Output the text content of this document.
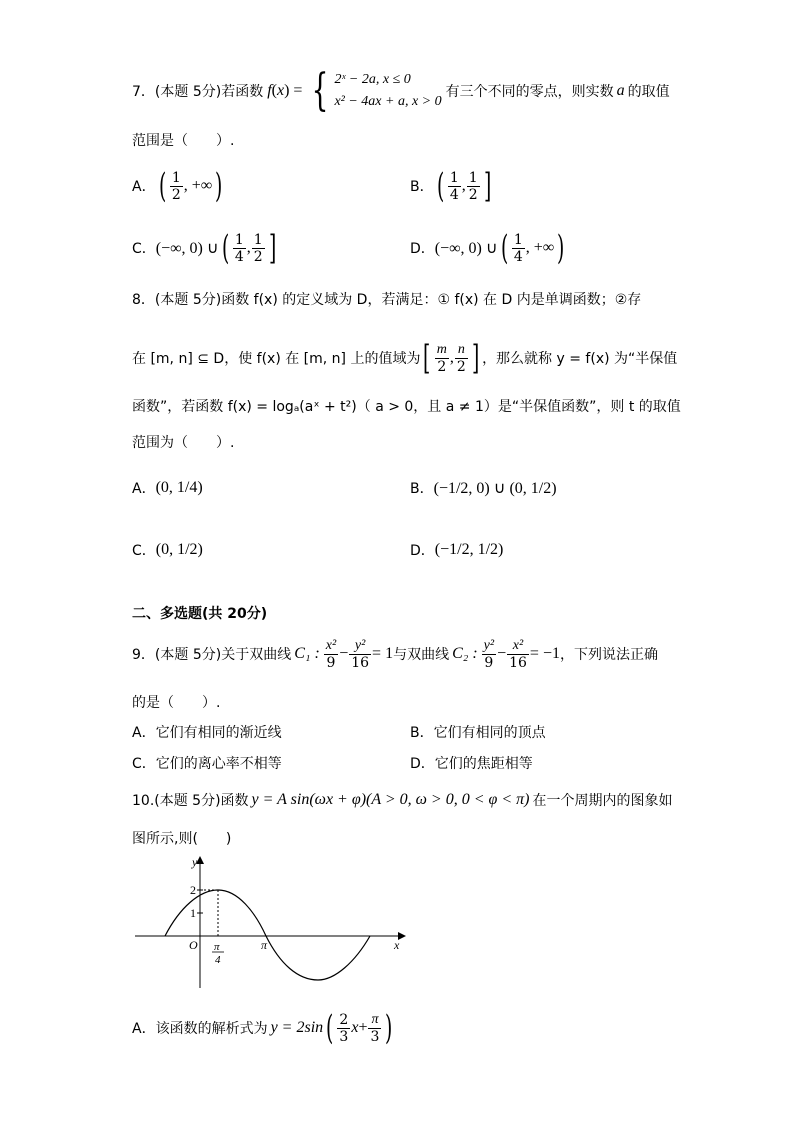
7．(本题 5分)若函数 f ( x ) = { 2ˣ − 2a, x ≤ 0
x² − 4ax + a, x > 0
有三个不同的零点，则实数 a 的取值
范围是（　　）.
A． ( $\frac{1}{2}$ , +∞ )	B． ( $\frac{1}{4}$ , $\frac{1}{2}$ ]
C． (−∞, 0) ∪ ( $\frac{1}{4}$ , $\frac{1}{2}$ ]	D． (−∞, 0) ∪ ( $\frac{1}{4}$ , +∞ )
8．(本题 5分)函数 f(x) 的定义域为 D，若满足：① f(x) 在 D 内是单调函数；②存
在 [m, n] ⊆ D，使 f(x) 在 [m, n] 上的值域为 [ $\frac{m}{2}$ , $\frac{n}{2}$ ] ，那么就称 y = f(x) 为“半保值
函数”，若函数 f(x) = logₐ(aˣ + t²)（ a > 0，且 a ≠ 1）是“半保值函数”，则 t 的取值
范围为（　　）.
A． (0, 1/4)	B． (−1/2, 0) ∪ (0, 1/2)
C． (0, 1/2)	D． (−1/2, 1/2)
二、多选题(共 20分)
9．(本题 5分)关于双曲线 C₁ : $\frac{\text{x²}}{9} - \frac{\text{y²}}{16} = 1$ 与双曲线 C₂ : $\frac{\text{y²}}{9} - \frac{\text{x²}}{16} = -1$ ，下列说法正确
的是（　　）.
A．它们有相同的渐近线	B．它们有相同的顶点
C．它们的离心率不相等	D．它们的焦距相等
10.(本题 5分)函数 y = A sin(ωx + φ)(A > 0, ω > 0, 0 < φ < π) 在一个周期内的图象如
图所示,则(　　)
y
x
O
2
1
π
4
π
A．该函数的解析式为 y = 2sin ( $\frac{2}{3}$ $x + \frac{\pi}{3}$ )
